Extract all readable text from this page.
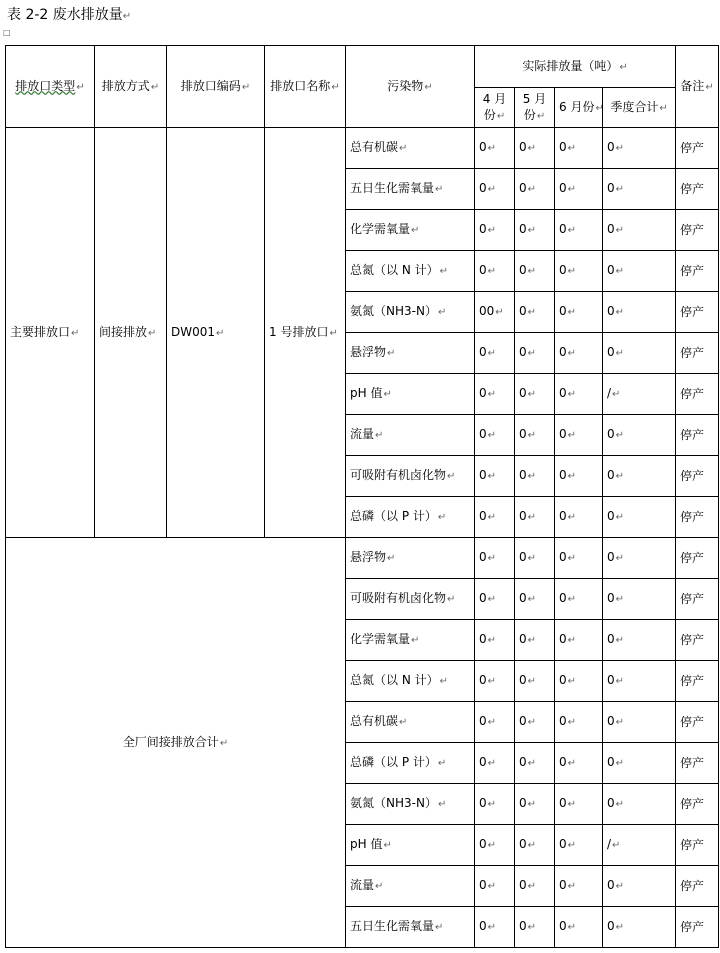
表 2-2 废水排放量↵
□
排放口类型↵	排放方式↵	排放口编码↵	排放口名称↵	污染物↵	实际排放量（吨）↵				备注↵
					4 月份↵	5 月份↵	6 月份↵	季度合计↵	
主要排放口↵	间接排放↵	DW001↵	1 号排放口↵	总有机碳↵	0↵	0↵	0↵	0↵	停产
				五日生化需氧量↵	0↵	0↵	0↵	0↵	停产
				化学需氧量↵	0↵	0↵	0↵	0↵	停产
				总氮（以 N 计）↵	0↵	0↵	0↵	0↵	停产
				氨氮（NH3-N）↵	00↵	0↵	0↵	0↵	停产
				悬浮物↵	0↵	0↵	0↵	0↵	停产
				pH 值↵	0↵	0↵	0↵	/↵	停产
				流量↵	0↵	0↵	0↵	0↵	停产
				可吸附有机卤化物↵	0↵	0↵	0↵	0↵	停产
				总磷（以 P 计）↵	0↵	0↵	0↵	0↵	停产
全厂间接排放合计↵				悬浮物↵	0↵	0↵	0↵	0↵	停产
				可吸附有机卤化物↵	0↵	0↵	0↵	0↵	停产
				化学需氧量↵	0↵	0↵	0↵	0↵	停产
				总氮（以 N 计）↵	0↵	0↵	0↵	0↵	停产
				总有机碳↵	0↵	0↵	0↵	0↵	停产
				总磷（以 P 计）↵	0↵	0↵	0↵	0↵	停产
				氨氮（NH3-N）↵	0↵	0↵	0↵	0↵	停产
				pH 值↵	0↵	0↵	0↵	/↵	停产
				流量↵	0↵	0↵	0↵	0↵	停产
				五日生化需氧量↵	0↵	0↵	0↵	0↵	停产
